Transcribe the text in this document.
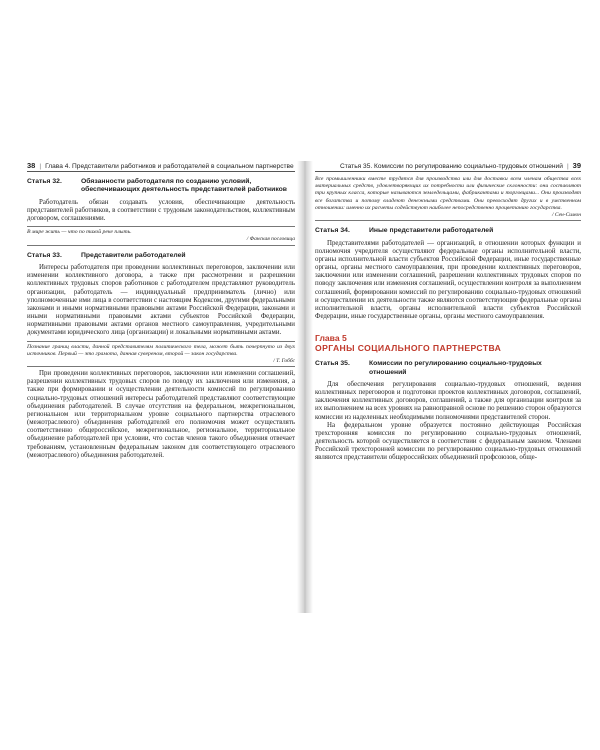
38 | Глава 4. Представители работников и работодателей в социальном партнерстве
Статья 32.	Обязанности работодателя по созданию условий, обеспечивающих деятельность представителей работников

Работодатель обязан создавать условия, обеспечивающие деятельность представителей работников, в соответствии с трудовым законодательством, коллективным договором, соглашениями.

В мире жить — что по тихой реке плыть.

/ Фанская пословица

Статья 33.	Представители работодателей

Интересы работодателя при проведении коллективных переговоров, заключении или изменении коллективного договора, а также при рассмотрении и разрешении коллективных трудовых споров работников с работодателем представляют руководитель организации, работодатель — индивидуальный предприниматель (лично) или уполномоченные ими лица в соответствии с настоящим Кодексом, другими федеральными законами и иными нормативными правовыми актами Российской Федерации, законами и иными нормативными правовыми актами субъектов Российской Федерации, нормативными правовыми актами органов местного самоуправления, учредительными документами юридического лица (организации) и локальными нормативными актами.

Познание границ власти, данной представителям политического тела, может быть почерпнуто из двух источников. Первый — это грамота, данная сувереном, второй — закон государства.

/ Т. Гоббс

При проведении коллективных переговоров, заключении или изменении соглашений, разрешении коллективных трудовых споров по поводу их заключения или изменения, а также при формировании и осуществлении деятельности комиссий по регулированию социально-трудовых отношений интересы работодателей представляют соответствующие объединения работодателей. В случае отсутствия на федеральном, межрегиональном, региональном или территориальном уровне социального партнерства отраслевого (межотраслевого) объединения работодателей его полномочия может осуществлять соответственно общероссийское, межрегиональное, региональное, территориальное объединение работодателей при условии, что состав членов такого объединения отвечает требованиям, установленным федеральным законом для соответствующего отраслевого (межотраслевого) объединения работодателей.

Статья 35. Комиссии по регулированию социально-трудовых отношений | 39

Все промышленники вместе трудятся для производства или для доставки всем членам общества всех материальных средств, удовлетворяющих их потребности или физические склонности: они составляют три крупных класса, которые называются земледельцами, фабрикантами и торговцами... Они производят все богатства и потому владеют денежными средствами. Они превосходят других и в умственном отношении: именно их расчеты содействуют наиболее непосредственно процветанию государства.

/ Сен-Симон

Статья 34.	Иные представители работодателей

Представителями работодателей — организаций, в отношении которых функции и полномочия учредителя осуществляют федеральные органы исполнительной власти, органы исполнительной власти субъектов Российской Федерации, иные государственные органы, органы местного самоуправления, при проведении коллективных переговоров, заключении или изменении соглашений, разрешении коллективных трудовых споров по поводу заключения или изменения соглашений, осуществлении контроля за выполнением соглашений, формировании комиссий по регулированию социально-трудовых отношений и осуществлении их деятельности также являются соответствующие федеральные органы исполнительной власти, органы исполнительной власти субъектов Российской Федерации, иные государственные органы, органы местного самоуправления.

Глава 5
ОРГАНЫ СОЦИАЛЬНОГО ПАРТНЕРСТВА
Статья 35.	Комиссии по регулированию социально-трудовых отношений

Для обеспечения регулирования социально-трудовых отношений, ведения коллективных переговоров и подготовки проектов коллективных договоров, соглашений, заключения коллективных договоров, соглашений, а также для организации контроля за их выполнением на всех уровнях на равноправной основе по решению сторон образуются комиссии из наделенных необходимыми полномочиями представителей сторон.

На федеральном уровне образуется постоянно действующая Российская трехсторонняя комиссия по регулированию социально-трудовых отношений, деятельность которой осуществляется в соответствии с федеральным законом. Членами Российской трехсторонней комиссии по регулированию социально-трудовых отношений являются представители общероссийских объединений профсоюзов, обще-
